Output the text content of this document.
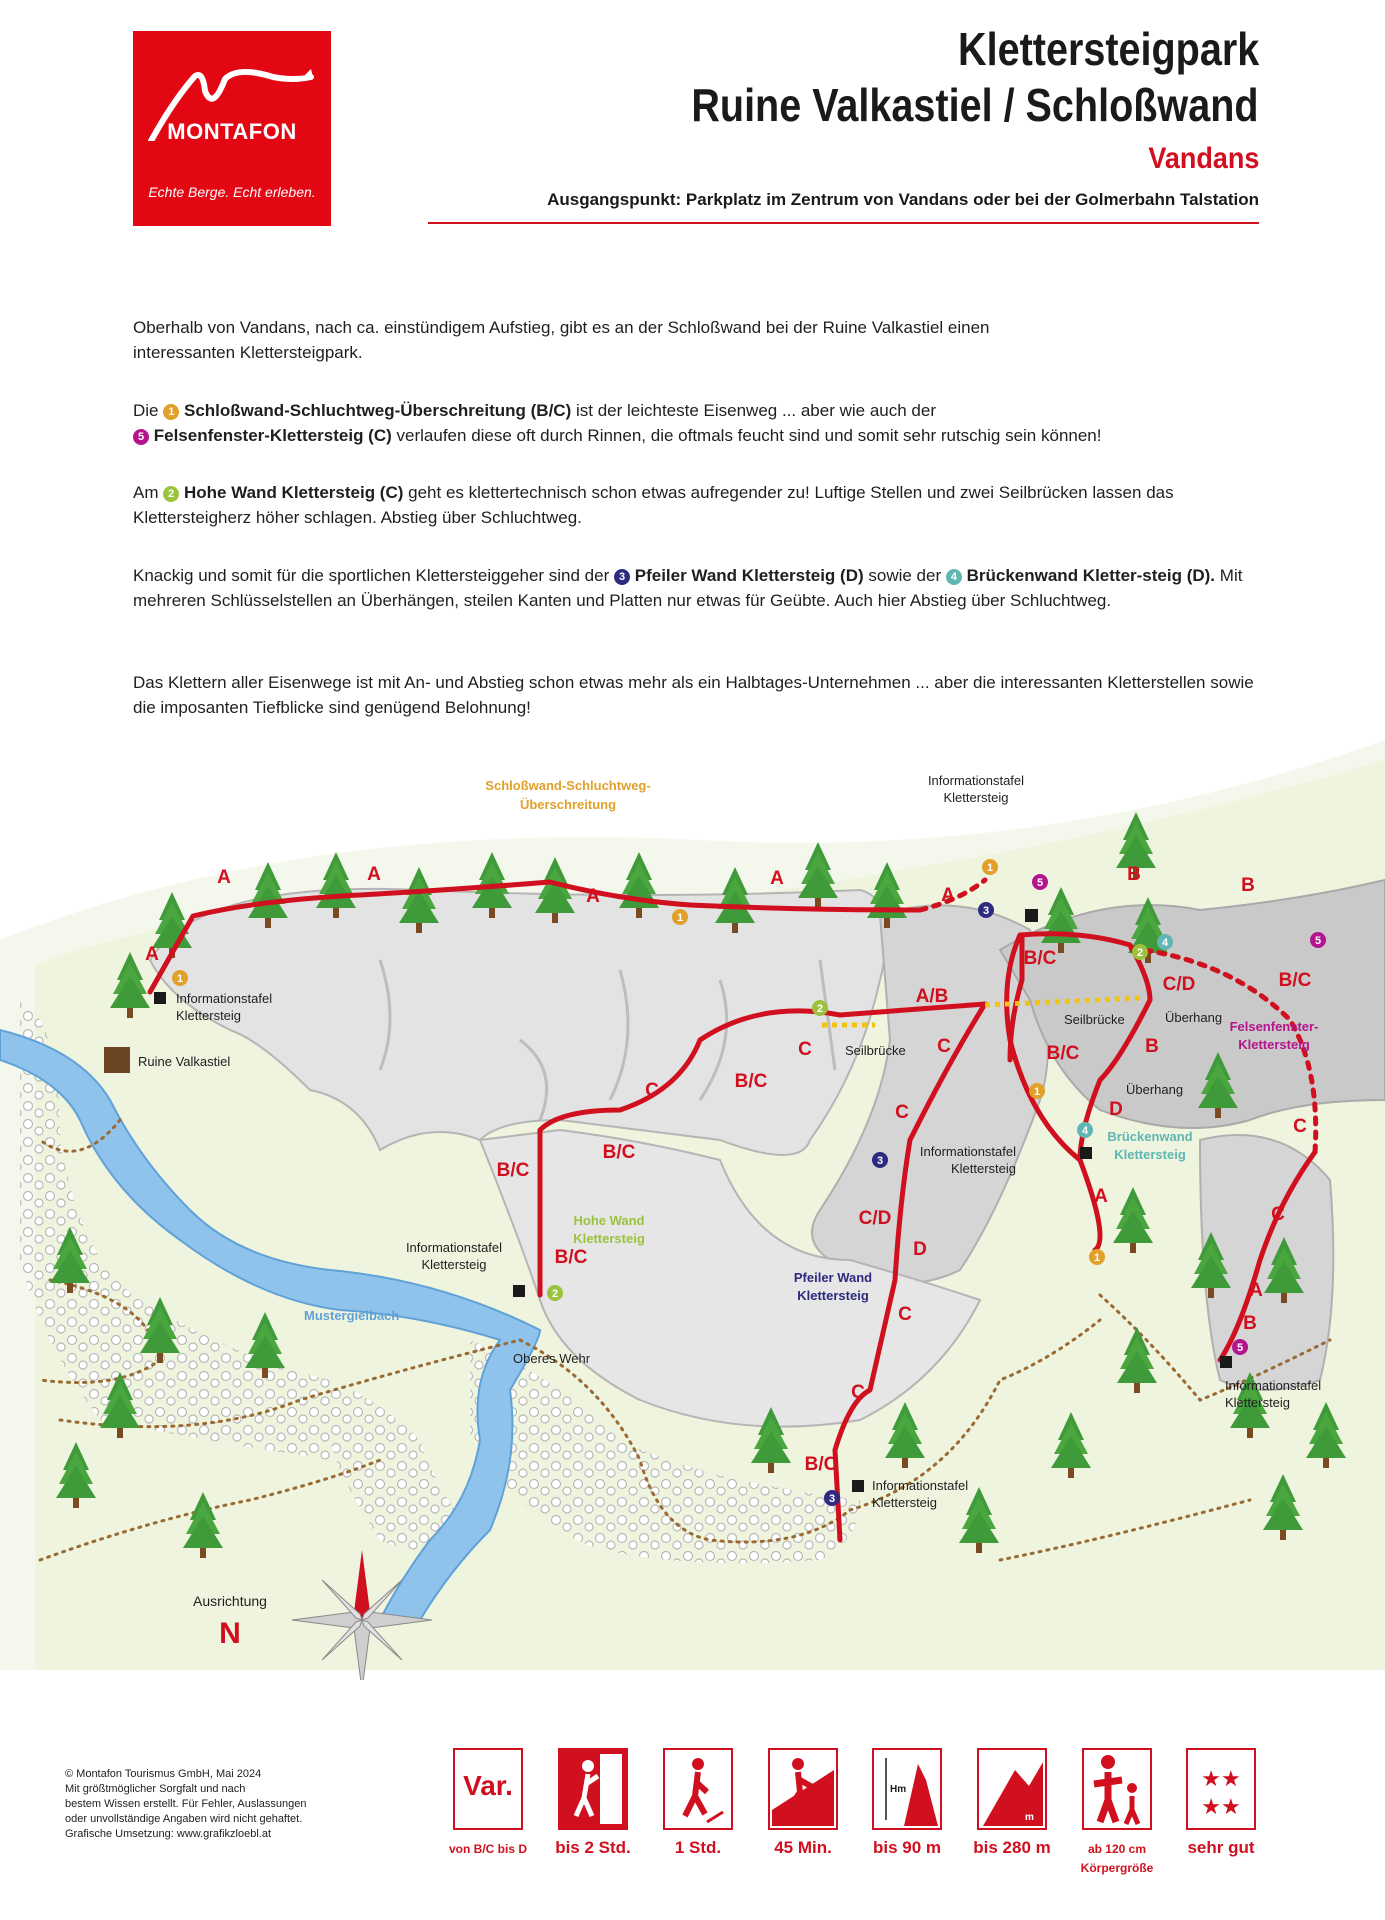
MONTAFON
Echte Berge. Echt erleben.
Klettersteigpark
Ruine Valkastiel / Schloßwand
Vandans
Ausgangspunkt: Parkplatz im Zentrum von Vandans oder bei der Golmerbahn Talstation
Oberhalb von Vandans, nach ca. einstündigem Aufstieg, gibt es an der Schloßwand bei der Ruine Valkastiel einen interessanten Klettersteigpark.
Die 1 Schloßwand-Schluchtweg-Überschreitung (B/C) ist der leichteste Eisenweg ... aber wie auch der
5 Felsenfenster-Klettersteig (C) verlaufen diese oft durch Rinnen, die oftmals feucht sind und somit sehr rutschig sein können!
Am 2 Hohe Wand Klettersteig (C) geht es klettertechnisch schon etwas aufregender zu! Luftige Stellen und zwei Seilbrücken lassen das Klettersteigherz höher schlagen. Abstieg über Schluchtweg.
Knackig und somit für die sportlichen Klettersteiggeher sind der 3 Pfeiler Wand Klettersteig (D) sowie der 4 Brückenwand Kletter-steig (D). Mit mehreren Schlüsselstellen an Überhängen, steilen Kanten und Platten nur etwas für Geübte. Auch hier Abstieg über Schluchtweg.
Das Klettern aller Eisenwege ist mit An- und Abstieg schon etwas mehr als ein Halbtages-Unternehmen ... aber die interessanten Kletterstellen sowie die imposanten Tiefblicke sind genügend Belohnung!
1
1
1
1
1
2
2
2
3
3
3
4
4
5
5
5
A
A	A
A
A
A
B
B
B/C
C/D	B/C
A/B
C
C
B/C
C
B/C
B/C
B/C
B/C	B
D
C
A
C
C
A
B
C/D
D
C
C
B/C
Schloßwand-Schluchtweg-
Überschreitung
Hohe Wand
Klettersteig
Pfeiler Wand
Klettersteig
Brückenwand
Klettersteig
Felsenfenster-
Klettersteig
Informationstafel
Klettersteig
Ruine Valkastiel
Informationstafel
Klettersteig
Informationstafel
Klettersteig
Informationstafel
Klettersteig
Informationstafel
Klettersteig
Informationstafel
Klettersteig
Seilbrücke
Seilbrücke	Überhang
Überhang
Oberes Wehr
Mustergielbach
Ausrichtung
N
© Montafon Tourismus GmbH, Mai 2024
Mit größtmöglicher Sorgfalt und nach
bestem Wissen erstellt. Für Fehler, Auslassungen
oder unvollständige Angaben wird nicht gehaftet.
Grafische Umsetzung: www.grafikzloebl.at
Var.	Hm
m
★★
★★
von B/C bis D	bis 2 Std.	1 Std.	45 Min.	bis 90 m	bis 280 m	ab 120 cm
Körpergröße
sehr gut
